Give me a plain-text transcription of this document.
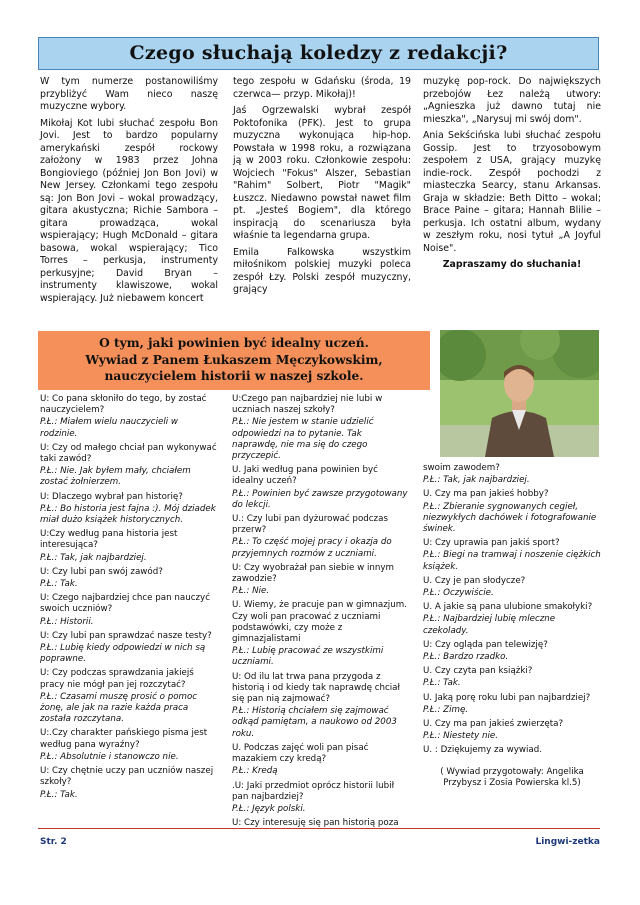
Czego słuchają koledzy z redakcji?

W tym numerze postanowiliśmy przybliżyć Wam nieco naszę muzyczne wybory.

Mikołaj Kot lubi słuchać zespołu Bon Jovi. Jest to bardzo popularny amerykański zespół rockowy założony w 1983 przez Johna Bongioviego (później Jon Bon Jovi) w New Jersey. Członkami tego zespołu są: Jon Bon Jovi – wokal prowadzący, gitara akustyczna; Richie Sambora – gitara prowadząca, wokal wspierający; Hugh McDonald – gitara basowa, wokal wspierający; Tico Torres – perkusja, instrumenty perkusyjne; David Bryan – instrumenty klawiszowe, wokal wspierający. Już niebawem koncert

tego zespołu w Gdańsku (środa, 19 czerwca— przyp. Mikołaj)!

Jaś Ogrzewalski wybrał zespół Poktofonika (PFK). Jest to grupa muzyczna wykonująca hip-hop. Powstała w 1998 roku, a rozwiązana ją w 2003 roku. Członkowie zespołu: Wojciech "Fokus" Alszer, Sebastian "Rahim" Solbert, Piotr "Magik" Łuszcz. Niedawno powstał nawet film pt. „Jesteś Bogiem", dla którego inspiracją do scenariusza była właśnie ta legendarna grupa.

Emila Falkowska wszystkim miłośnikom polskiej muzyki poleca zespół Łzy. Polski zespół muzyczny, grający

muzykę pop-rock. Do największych przebojów Łez należą utwory: „Agnieszka już dawno tutaj nie mieszka", „Narysuj mi swój dom".

Ania Sekścińska lubi słuchać zespołu Gossip. Jest to trzyosobowym zespołem z USA, grający muzykę indie-rock. Zespół pochodzi z miasteczka Searcy, stanu Arkansas. Graja w składzie: Beth Ditto – wokal; Brace Paine – gitara; Hannah Blilie – perkusja. Ich ostatni album, wydany w zeszłym roku, nosi tytuł „A Joyful Noise".

Zapraszamy do słuchania!

O tym, jaki powinien być idealny uczeń.
Wywiad z Panem Łukaszem Męczykowskim,
nauczycielem historii w naszej szkole.
U: Co pana skłoniło do tego, by zostać nauczycielem?
P.Ł.: Miałem wielu nauczycieli w rodzinie.
U: Czy od małego chciał pan wykonywać taki zawód?
P.Ł.: Nie. Jak byłem mały, chciałem zostać żołnierzem.
U: Dlaczego wybrał pan historię?
P.Ł.: Bo historia jest fajna :). Mój dziadek miał dużo książek historycznych.
U:Czy według pana historia jest interesująca?
P.Ł.: Tak, jak najbardziej.
U: Czy lubi pan swój zawód?
P.Ł.: Tak.
U: Czego najbardziej chce pan nauczyć swoich uczniów?
P.Ł.: Historii.
U: Czy lubi pan sprawdzać nasze testy?
P.Ł.: Lubię kiedy odpowiedzi w nich są poprawne.
U: Czy podczas sprawdzania jakiejś pracy nie mógł pan jej rozczytać?
P.Ł.: Czasami muszę prosić o pomoc żonę, ale jak na razie każda praca została rozczytana.
U:.Czy charakter pańskiego pisma jest według pana wyraźny?
P.Ł.: Absolutnie i stanowczo nie.
U: Czy chętnie uczy pan uczniów naszej szkoły?
P.Ł.: Tak.
U:Czego pan najbardziej nie lubi w uczniach naszej szkoły?
P.Ł.: Nie jestem w stanie udzielić odpowiedzi na to pytanie. Tak naprawdę, nie ma się do czego przyczepić.
U. Jaki według pana powinien być idealny uczeń?
P.Ł.: Powinien być zawsze przygotowany do lekcji.
U.: Czy lubi pan dyżurować podczas przerw?
P.Ł.: To część mojej pracy i okazja do przyjemnych rozmów z uczniami.
U: Czy wyobrażał pan siebie w innym zawodzie?
P.Ł.: Nie.
U. Wiemy, że pracuje pan w gimnazjum. Czy woli pan pracować z uczniami podstawówki, czy może z gimnazjalistami
P.Ł.: Lubię pracować ze wszystkimi uczniami.
U: Od ilu lat trwa pana przygoda z historią i od kiedy tak naprawdę chciał się pan nią zajmować?
P.Ł.: Historią chciałem się zajmować odkąd pamiętam, a naukowo od 2003 roku.
U. Podczas zajęć woli pan pisać mazakiem czy kredą?
P.Ł.: Kredą
.U: Jaki przedmiot oprócz historii lubił pan najbardziej?
P.Ł.: Język polski.
U: Czy interesuję się pan historią poza
swoim zawodem?
P.Ł.: Tak, jak najbardziej.
U. Czy ma pan jakieś hobby?
P.Ł.: Zbieranie sygnowanych cegieł, niezwykłych dachówek i fotografowanie świnek.
U: Czy uprawia pan jakiś sport?
P.Ł.: Biegi na tramwaj i noszenie ciężkich książek.
U. Czy je pan słodycze?
P.Ł.: Oczywiście.
U. A jakie są pana ulubione smakołyki?
P.Ł.: Najbardziej lubię mleczne czekolady.
U: Czy ogląda pan telewizję?
P.Ł.: Bardzo rzadko.
U. Czy czyta pan książki?
P.Ł.: Tak.
U. Jaką porę roku lubi pan najbardziej?
P.Ł.: Zimę.
U. Czy ma pan jakieś zwierzęta?
P.Ł.: Niestety nie.
U. : Dziękujemy za wywiad.
( Wywiad przygotowały: Angelika Przybysz i Zosia Powierska kl.5)
Str. 2	Lingwi-zetka
